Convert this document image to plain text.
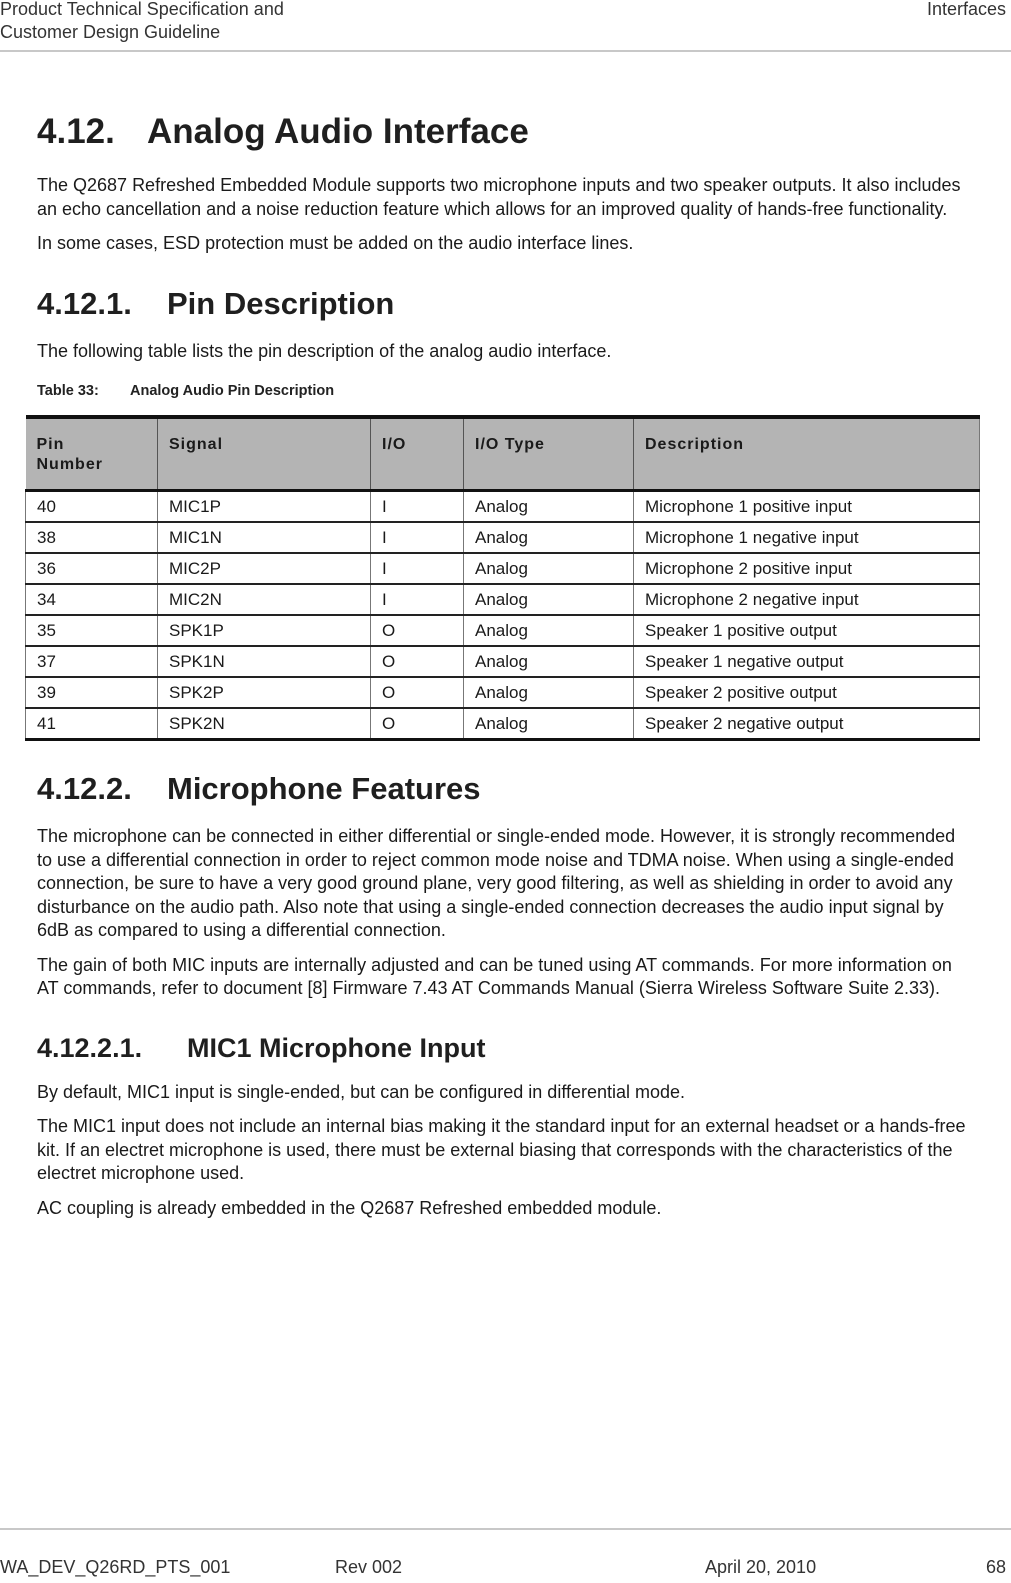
Product Technical Specification and
Customer Design Guideline
Interfaces
4.12. Analog Audio Interface

The Q2687 Refreshed Embedded Module supports two microphone inputs and two speaker outputs. It also includes an echo cancellation and a noise reduction feature which allows for an improved quality of hands-free functionality.

In some cases, ESD protection must be added on the audio interface lines.

4.12.1. Pin Description

The following table lists the pin description of the analog audio interface.

Table 33: Analog Audio Pin Description
Pin
Number	Signal	I/O	I/O Type	Description
40	MIC1P	I	Analog	Microphone 1 positive input
38	MIC1N	I	Analog	Microphone 1 negative input
36	MIC2P	I	Analog	Microphone 2 positive input
34	MIC2N	I	Analog	Microphone 2 negative input
35	SPK1P	O	Analog	Speaker 1 positive output
37	SPK1N	O	Analog	Speaker 1 negative output
39	SPK2P	O	Analog	Speaker 2 positive output
41	SPK2N	O	Analog	Speaker 2 negative output
4.12.2. Microphone Features

The microphone can be connected in either differential or single-ended mode. However, it is strongly recommended to use a differential connection in order to reject common mode noise and TDMA noise. When using a single-ended connection, be sure to have a very good ground plane, very good filtering, as well as shielding in order to avoid any disturbance on the audio path. Also note that using a single-ended connection decreases the audio input signal by 6dB as compared to using a differential connection.

The gain of both MIC inputs are internally adjusted and can be tuned using AT commands. For more information on AT commands, refer to document [8] Firmware 7.43 AT Commands Manual (Sierra Wireless Software Suite 2.33).

4.12.2.1. MIC1 Microphone Input

By default, MIC1 input is single-ended, but can be configured in differential mode.

The MIC1 input does not include an internal bias making it the standard input for an external headset or a hands-free kit. If an electret microphone is used, there must be external biasing that corresponds with the characteristics of the electret microphone used.

AC coupling is already embedded in the Q2687 Refreshed embedded module.

WA_DEV_Q26RD_PTS_001	Rev 002	April 20, 2010	68
